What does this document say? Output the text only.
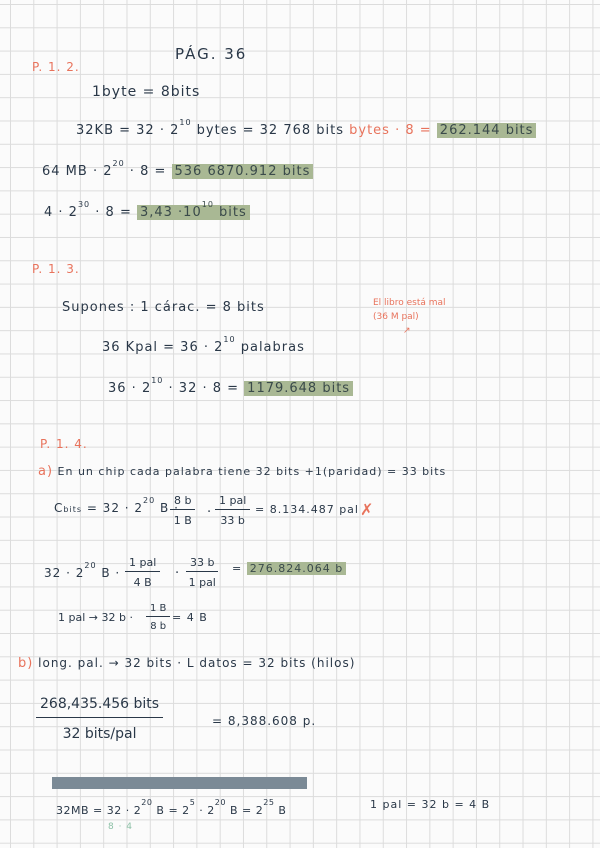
PÁG. 36
P. 1. 2.
1byte = 8bits
$32KB = 32 \cdot 2^{10}$ bytes = 32 768 bits bytes · 8 = 262.144 bits
64 MB · $2^{20} \cdot 8 = 536$ 6870.912 bits
$4 \cdot 2^{30} \cdot 8 = 3,43 \cdot 10^{10}$ bits
P. 1. 3.
Supones : 1 cárac. = 8 bits	El libro está mal
(36 M pal)
↗
36 Kpal = $36 \cdot 2^{10}$ palabras
$36 \cdot 2^{10} \cdot 32 \cdot 8 = 1179.648$ bits
P. 1. 4.
a) En un chip cada palabra tiene 32 bits +1(paridad) = 33 bits
Cbits = $32 \cdot 2^{20}$ B ·
$\frac{8 b}{1 B}$ ·
1 pal
33 b
= 8.134.487 pal ✗
$32 \cdot 2^{20}$ B ·
1 pal
4 B
·
33 b
1 pal
= 276.824.064 b
1 pal → 32 $b \cdot \frac{1 B}{8 b} = 4$ B
b) long. pal. → 32 bits · L datos = 32 bits (hilos)
268,435.456 bits
32 bits/pal
= 8,388.608 p.
$32MB = 32 \cdot 2^{20}$ $B = 2^5 \cdot 2^{20}$ $B = 2^{25}$ B
8 · 4
1 pal = 32 b = 4 B
